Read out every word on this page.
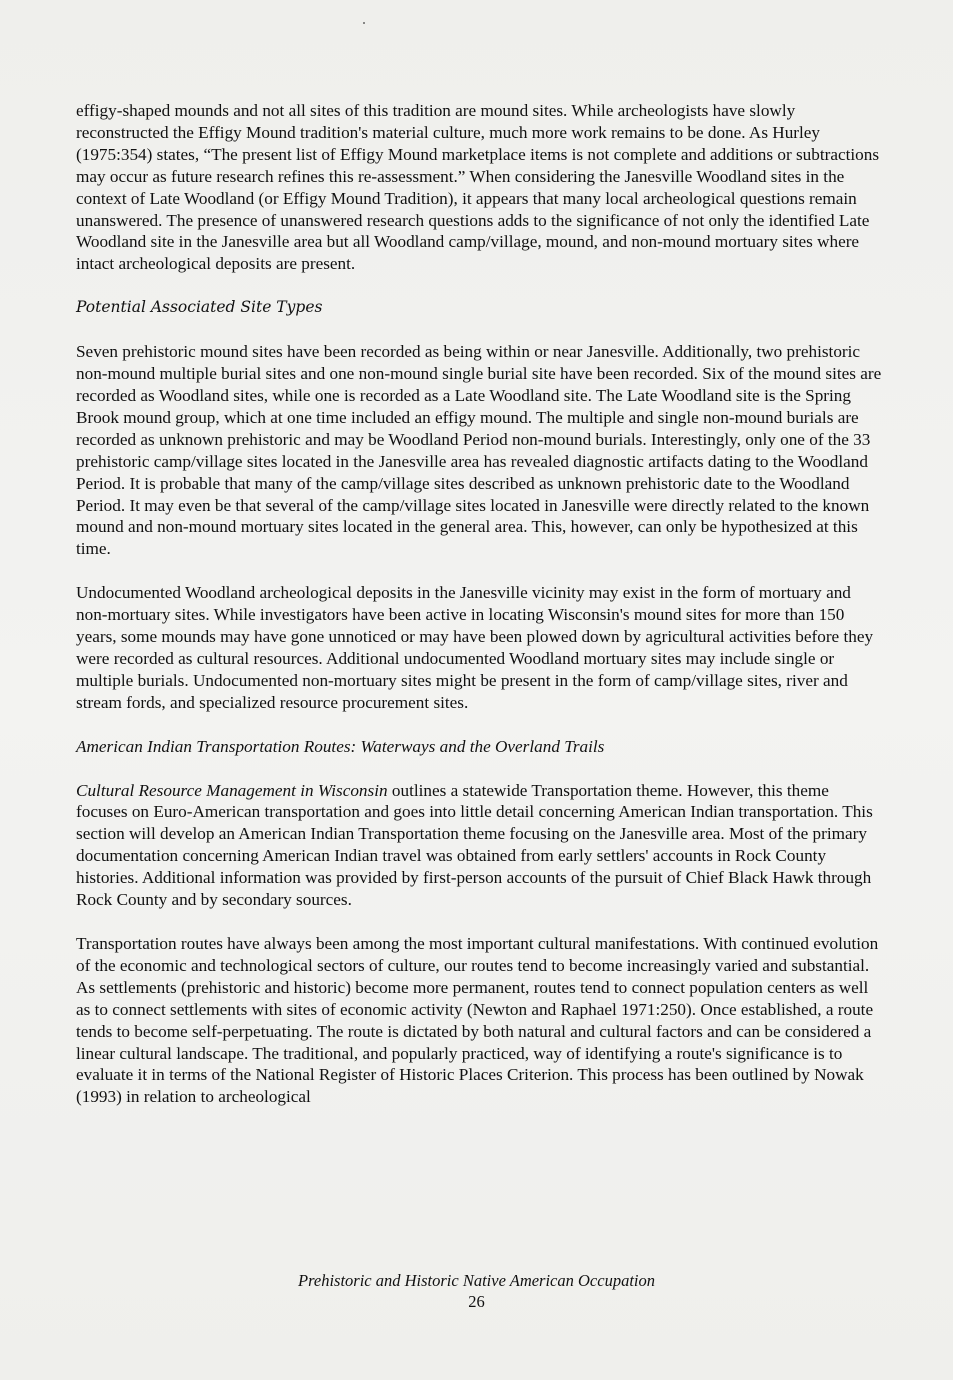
effigy-shaped mounds and not all sites of this tradition are mound sites. While archeologists have slowly reconstructed the Effigy Mound tradition's material culture, much more work remains to be done. As Hurley (1975:354) states, “The present list of Effigy Mound marketplace items is not complete and additions or subtractions may occur as future research refines this re-assessment.” When considering the Janesville Woodland sites in the context of Late Woodland (or Effigy Mound Tradition), it appears that many local archeological questions remain unanswered. The presence of unanswered research questions adds to the significance of not only the identified Late Woodland site in the Janesville area but all Woodland camp/village, mound, and non-mound mortuary sites where intact archeological deposits are present.

Potential Associated Site Types

Seven prehistoric mound sites have been recorded as being within or near Janesville. Additionally, two prehistoric non-mound multiple burial sites and one non-mound single burial site have been recorded. Six of the mound sites are recorded as Woodland sites, while one is recorded as a Late Woodland site. The Late Woodland site is the Spring Brook mound group, which at one time included an effigy mound. The multiple and single non-mound burials are recorded as unknown prehistoric and may be Woodland Period non-mound burials. Interestingly, only one of the 33 prehistoric camp/village sites located in the Janesville area has revealed diagnostic artifacts dating to the Woodland Period. It is probable that many of the camp/village sites described as unknown prehistoric date to the Woodland Period. It may even be that several of the camp/village sites located in Janesville were directly related to the known mound and non-mound mortuary sites located in the general area. This, however, can only be hypothesized at this time.

Undocumented Woodland archeological deposits in the Janesville vicinity may exist in the form of mortuary and non-mortuary sites. While investigators have been active in locating Wisconsin's mound sites for more than 150 years, some mounds may have gone unnoticed or may have been plowed down by agricultural activities before they were recorded as cultural resources. Additional undocumented Woodland mortuary sites may include single or multiple burials. Undocumented non-mortuary sites might be present in the form of camp/village sites, river and stream fords, and specialized resource procurement sites.

American Indian Transportation Routes: Waterways and the Overland Trails

Cultural Resource Management in Wisconsin outlines a statewide Transportation theme. However, this theme focuses on Euro-American transportation and goes into little detail concerning American Indian transportation. This section will develop an American Indian Transportation theme focusing on the Janesville area. Most of the primary documentation concerning American Indian travel was obtained from early settlers' accounts in Rock County histories. Additional information was provided by first-person accounts of the pursuit of Chief Black Hawk through Rock County and by secondary sources.

Transportation routes have always been among the most important cultural manifestations. With continued evolution of the economic and technological sectors of culture, our routes tend to become increasingly varied and substantial. As settlements (prehistoric and historic) become more permanent, routes tend to connect population centers as well as to connect settlements with sites of economic activity (Newton and Raphael 1971:250). Once established, a route tends to become self-perpetuating. The route is dictated by both natural and cultural factors and can be considered a linear cultural landscape. The traditional, and popularly practiced, way of identifying a route's significance is to evaluate it in terms of the National Register of Historic Places Criterion. This process has been outlined by Nowak (1993) in relation to archeological

Prehistoric and Historic Native American Occupation
26
